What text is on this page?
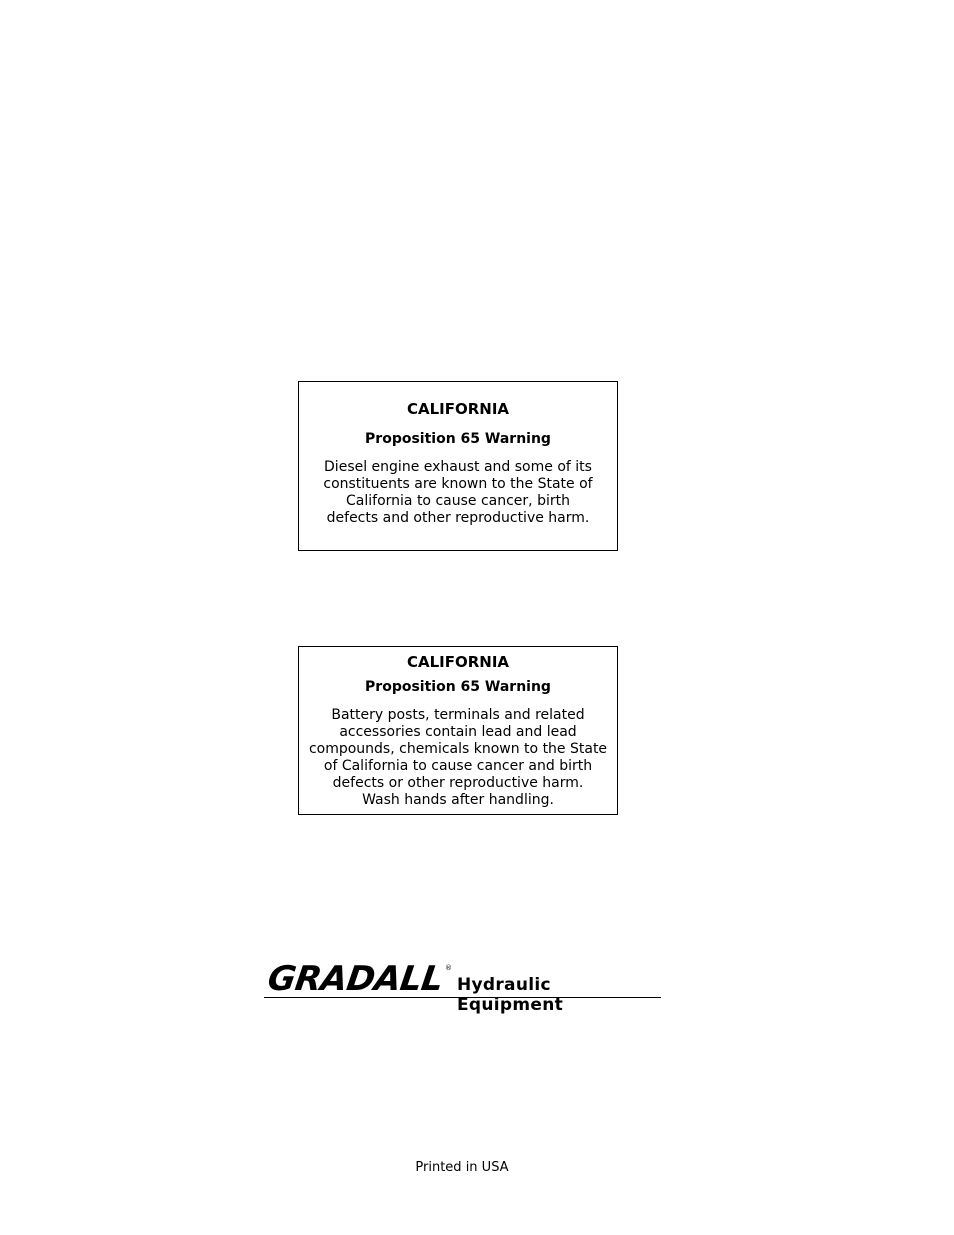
CALIFORNIA
Proposition 65 Warning
Diesel engine exhaust and some of its
constituents are known to the State of
California to cause cancer, birth
defects and other reproductive harm.
CALIFORNIA
Proposition 65 Warning
Battery posts, terminals and related
accessories contain lead and lead
compounds, chemicals known to the State
of California to cause cancer and birth
defects or other reproductive harm.
Wash hands after handling.
GRADALL ®
Hydraulic Equipment
Printed in USA
